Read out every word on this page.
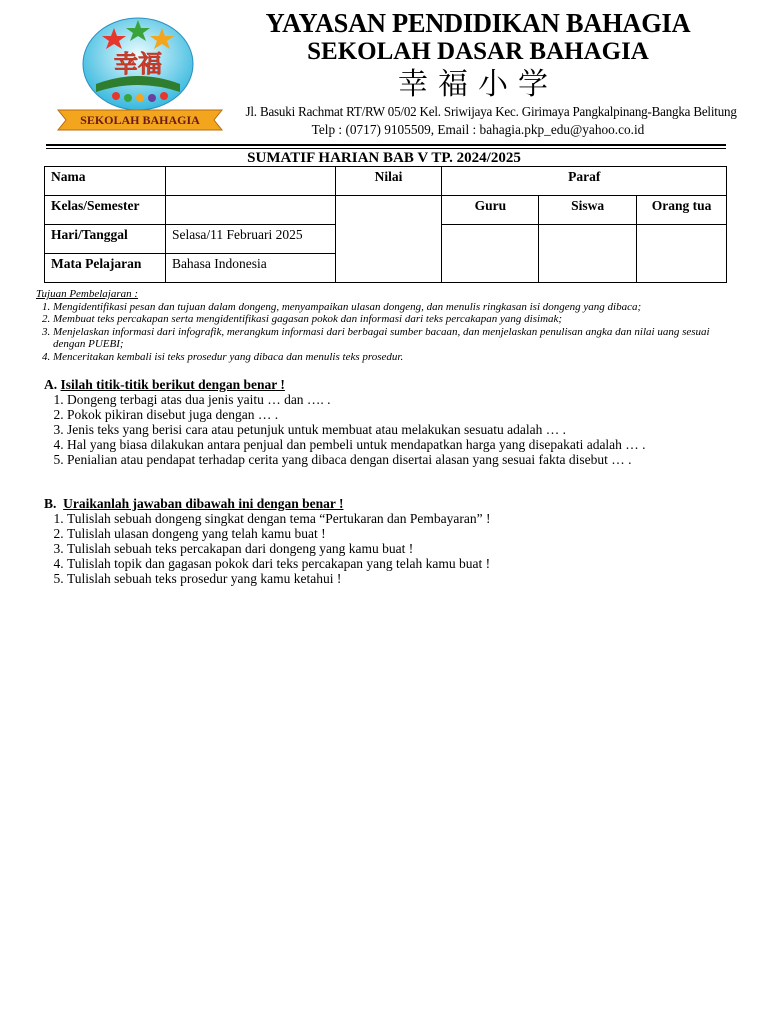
幸福
SEKOLAH BAHAGIA
YAYASAN PENDIDIKAN BAHAGIA
SEKOLAH DASAR BAHAGIA
幸福小学
Jl. Basuki Rachmat RT/RW 05/02 Kel. Sriwijaya Kec. Girimaya Pangkalpinang-Bangka Belitung
Telp : (0717) 9105509, Email : bahagia.pkp_edu@yahoo.co.id
SUMATIF HARIAN BAB V TP. 2024/2025
Nama		Nilai	Paraf		
Kelas/Semester			Guru	Siswa	Orang tua
Hari/Tanggal	Selasa/11 Februari 2025				
Mata Pelajaran	Bahasa Indonesia				
Tujuan Pembelajaran :
1. Mengidentifikasi pesan dan tujuan dalam dongeng, menyampaikan ulasan dongeng, dan menulis ringkasan isi dongeng yang dibaca;
2. Membuat teks percakapan serta mengidentifikasi gagasan pokok dan informasi dari teks percakapan yang disimak;
3. Menjelaskan informasi dari infografik, merangkum informasi dari berbagai sumber bacaan, dan menjelaskan penulisan angka dan nilai uang sesuai dengan PUEBI;
4. Menceritakan kembali isi teks prosedur yang dibaca dan menulis teks prosedur.
A. Isilah titik-titik berikut dengan benar !
1. Dongeng terbagi atas dua jenis yaitu … dan …. .
2. Pokok pikiran disebut juga dengan … .
3. Jenis teks yang berisi cara atau petunjuk untuk membuat atau melakukan sesuatu adalah … .
4. Hal yang biasa dilakukan antara penjual dan pembeli untuk mendapatkan harga yang disepakati adalah … .
5. Penialian atau pendapat terhadap cerita yang dibaca dengan disertai alasan yang sesuai fakta disebut … .
B. Uraikanlah jawaban dibawah ini dengan benar !
1. Tulislah sebuah dongeng singkat dengan tema “Pertukaran dan Pembayaran” !
2. Tulislah ulasan dongeng yang telah kamu buat !
3. Tulislah sebuah teks percakapan dari dongeng yang kamu buat !
4. Tulislah topik dan gagasan pokok dari teks percakapan yang telah kamu buat !
5. Tulislah sebuah teks prosedur yang kamu ketahui !
